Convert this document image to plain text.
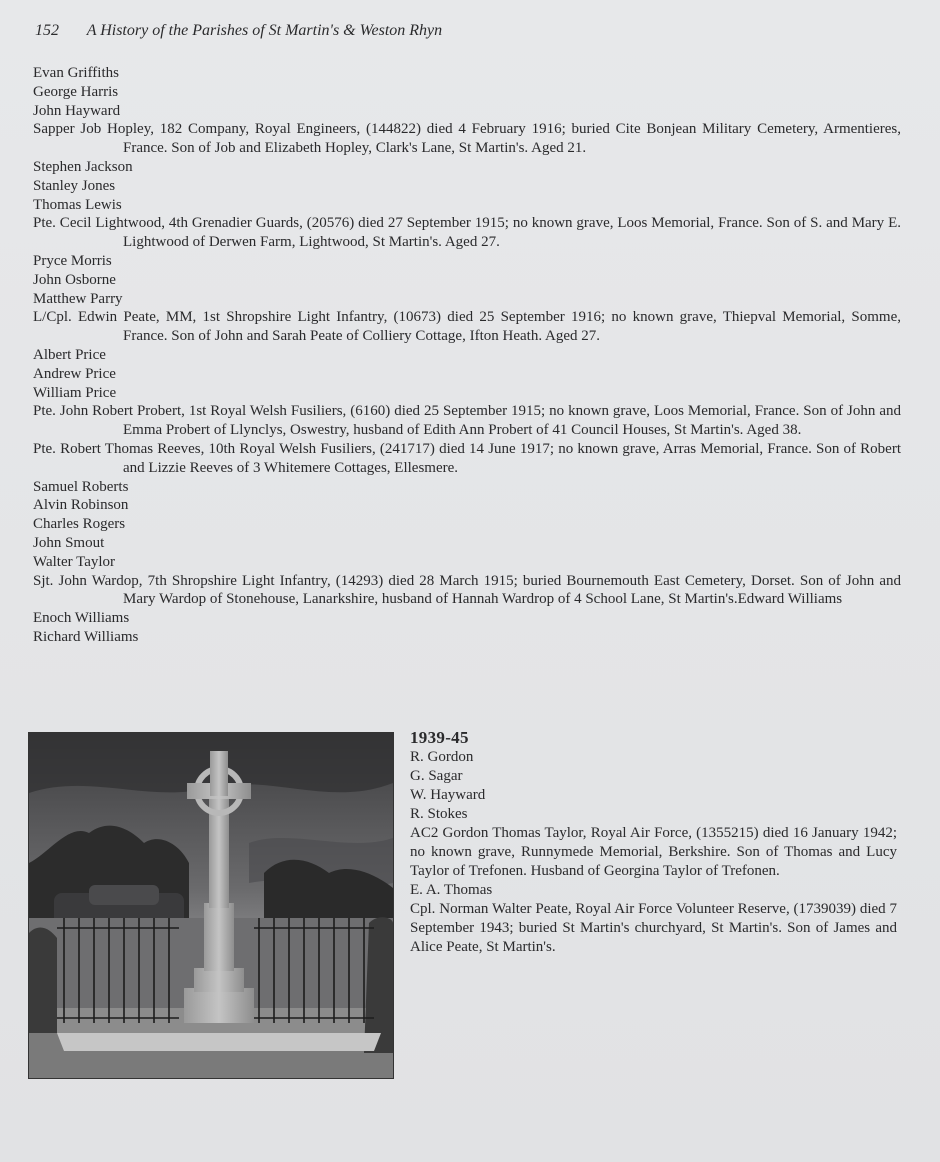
152 A History of the Parishes of St Martin's & Weston Rhyn

Evan Griffiths

George Harris

John Hayward

Sapper Job Hopley, 182 Company, Royal Engineers, (144822) died 4 February 1916; buried Cite Bonjean Military Cemetery, Armentieres, France. Son of Job and Elizabeth Hopley, Clark's Lane, St Martin's. Aged 21.

Stephen Jackson

Stanley Jones

Thomas Lewis

Pte. Cecil Lightwood, 4th Grenadier Guards, (20576) died 27 September 1915; no known grave, Loos Memorial, France. Son of S. and Mary E. Lightwood of Derwen Farm, Lightwood, St Martin's. Aged 27.

Pryce Morris

John Osborne

Matthew Parry

L/Cpl. Edwin Peate, MM, 1st Shropshire Light Infantry, (10673) died 25 September 1916; no known grave, Thiepval Memorial, Somme, France. Son of John and Sarah Peate of Colliery Cottage, Ifton Heath. Aged 27.

Albert Price

Andrew Price

William Price

Pte. John Robert Probert, 1st Royal Welsh Fusiliers, (6160) died 25 September 1915; no known grave, Loos Memorial, France. Son of John and Emma Probert of Llynclys, Oswestry, husband of Edith Ann Probert of 41 Council Houses, St Martin's. Aged 38.

Pte. Robert Thomas Reeves, 10th Royal Welsh Fusiliers, (241717) died 14 June 1917; no known grave, Arras Memorial, France. Son of Robert and Lizzie Reeves of 3 Whitemere Cottages, Ellesmere.

Samuel Roberts

Alvin Robinson

Charles Rogers

John Smout

Walter Taylor

Sjt. John Wardop, 7th Shropshire Light Infantry, (14293) died 28 March 1915; buried Bournemouth East Cemetery, Dorset. Son of John and Mary Wardop of Stonehouse, Lanarkshire, husband of Hannah Wardrop of 4 School Lane, St Martin's.Edward Williams

Enoch Williams

Richard Williams

1939-45

R. Gordon

G. Sagar

W. Hayward

R. Stokes

AC2 Gordon Thomas Taylor, Royal Air Force, (1355215) died 16 January 1942; no known grave, Runnymede Memorial, Berkshire. Son of Thomas and Lucy Taylor of Trefonen. Husband of Georgina Taylor of Trefonen.

E. A. Thomas

Cpl. Norman Walter Peate, Royal Air Force Volunteer Reserve, (1739039) died 7 September 1943; buried St Martin's churchyard, St Martin's. Son of James and Alice Peate, St Martin's.
